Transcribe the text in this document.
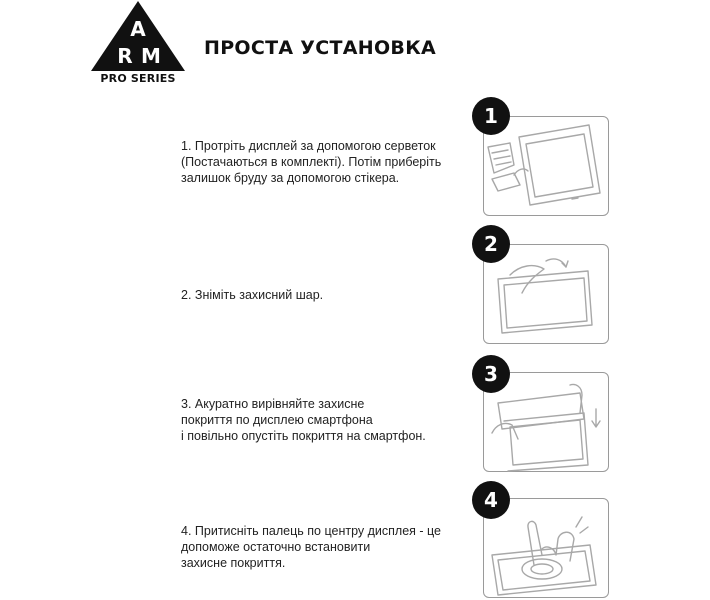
A
R M
PRO SERIES
ПРОСТА УСТАНОВКА
1. Протріть дисплей за допомогою серветок
(Постачаються в комплекті). Потім приберіть
залишок бруду за допомогою стікера.
1
2. Зніміть захисний шар.
2
3. Акуратно вирівняйте захисне
покриття по дисплею смартфона
і повільно опустіть покриття на смартфон.
3
4. Притисніть палець по центру дисплея - це
допоможе остаточно встановити
захисне покриття.
4
